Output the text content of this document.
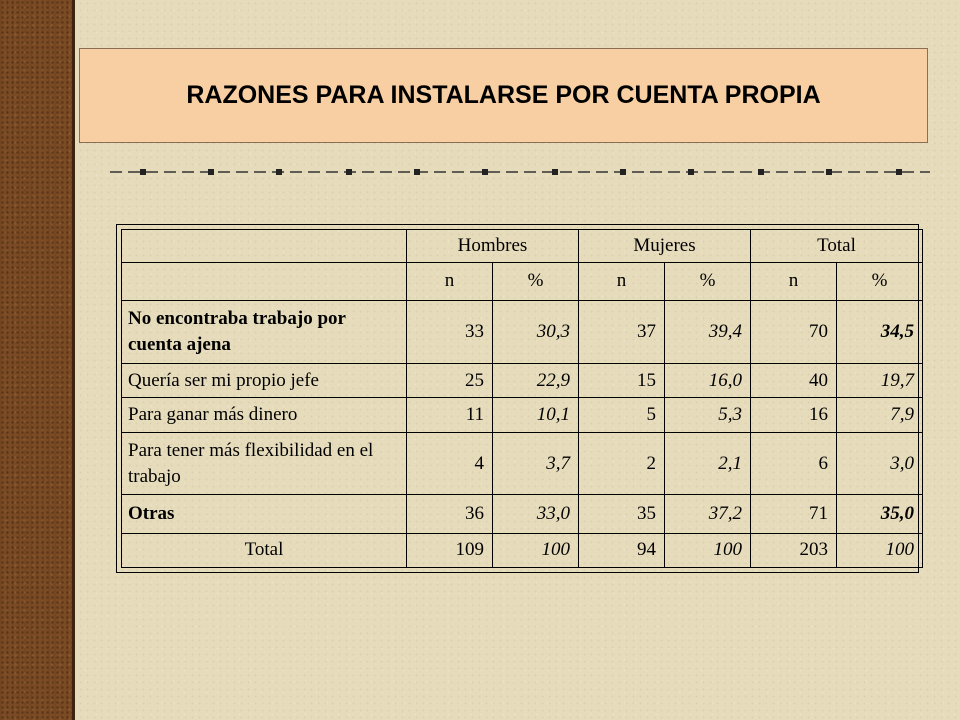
RAZONES PARA INSTALARSE POR CUENTA PROPIA
	Hombres		Mujeres		Total	
	n	%	n	%	n	%
No encontraba trabajo por cuenta ajena	33	30,3	37	39,4	70	34,5
Quería ser mi propio jefe	25	22,9	15	16,0	40	19,7
Para ganar más dinero	11	10,1	5	5,3	16	7,9
Para tener más flexibilidad en el trabajo	4	3,7	2	2,1	6	3,0
Otras	36	33,0	35	37,2	71	35,0
Total	109	100	94	100	203	100
